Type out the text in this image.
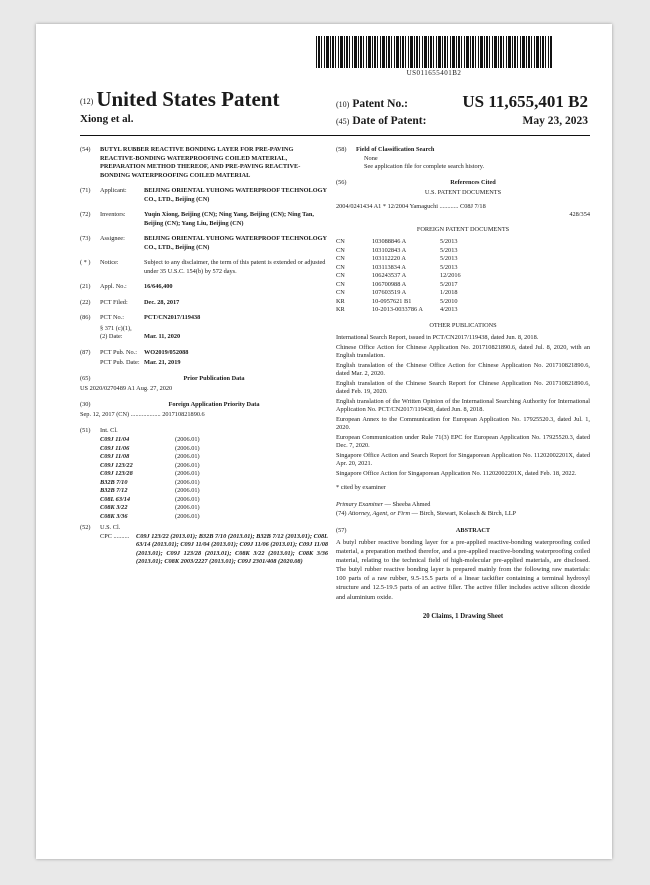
US011655401B2
(12) United States Patent
Xiong et al.
(10) Patent No.:	US 11,655,401 B2
(45) Date of Patent:	May 23, 2023
(54)	BUTYL RUBBER REACTIVE BONDING LAYER FOR PRE-PAVING REACTIVE-BONDING WATERPROOFING COILED MATERIAL, PREPARATION METHOD THEREOF, AND PRE-PAVING REACTIVE-BONDING WATERPROOFING COILED MATERIAL
(71)	Applicant:	BEIJING ORIENTAL YUHONG WATERPROOF TECHNOLOGY CO., LTD., Beijing (CN)
(72)	Inventors:	Yuqin Xiong, Beijing (CN); Ning Yang, Beijing (CN); Ning Tan, Beijing (CN); Yang Liu, Beijing (CN)
(73)	Assignee:	BEIJING ORIENTAL YUHONG WATERPROOF TECHNOLOGY CO., LTD., Beijing (CN)
( * )	Notice:	Subject to any disclaimer, the term of this patent is extended or adjusted under 35 U.S.C. 154(b) by 572 days.
(21)	Appl. No.:	16/646,400
(22)	PCT Filed:	Dec. 28, 2017
(86)	PCT No.:	PCT/CN2017/119438
§ 371 (c)(1),
(2) Date:	Mar. 11, 2020
(87)	PCT Pub. No.:	WO2019/052088
PCT Pub. Date: Mar. 21, 2019
(65)	Prior Publication Data
US 2020/0270489 A1 Aug. 27, 2020
(30)	Foreign Application Priority Data
Sep. 12, 2017 (CN) ................... 201710821890.6
(51)	Int. Cl.
C09J 11/04	(2006.01)
C09J 11/06	(2006.01)
C09J 11/08	(2006.01)
C09J 123/22	(2006.01)
C09J 123/28	(2006.01)
B32B 7/10	(2006.01)
B32B 7/12	(2006.01)
C08L 63/14	(2006.01)
C08K 3/22	(2006.01)
C08K 3/36	(2006.01)
(52)	U.S. Cl.
CPC ..........	C09J 123/22 (2013.01); B32B 7/10 (2013.01); B32B 7/12 (2013.01); C08L 63/14 (2013.01); C09J 11/04 (2013.01); C09J 11/06 (2013.01); C09J 11/08 (2013.01); C09J 123/28 (2013.01); C08K 3/22 (2013.01); C08K 3/36 (2013.01); C08K 2003/2227 (2013.01); C09J 2301/408 (2020.08)
(58)	Field of Classification Search
None
See application file for complete search history.
(56)	References Cited
U.S. PATENT DOCUMENTS
2004/0241434 A1 * 12/2004 Yamaguchi ............ C08J 7/18
428/354
FOREIGN PATENT DOCUMENTS
CN	103088846 A	5/2013
CN	103102843 A	5/2013
CN	103112220 A	5/2013
CN	103113834 A	5/2013
CN	106243537 A	12/2016
CN	106700988 A	5/2017
CN	107603519 A	1/2018
KR	10-0957621 B1	5/2010
KR	10-2013-0033786 A	4/2013
OTHER PUBLICATIONS

International Search Report, issued in PCT/CN2017/119438, dated Jun. 8, 2018.

Chinese Office Action for Chinese Application No. 201710821890.6, dated Jul. 8, 2020, with an English translation.

English translation of the Chinese Office Action for Chinese Application No. 201710821890.6, dated Mar. 2, 2020.

English translation of the Chinese Search Report for Chinese Application No. 201710821890.6, dated Feb. 19, 2020.

English translation of the Written Opinion of the International Searching Authority for International Application No. PCT/CN2017/119438, dated Jun. 8, 2018.

European Annex to the Communication for European Application No. 17925520.3, dated Jul. 1, 2020.

European Communication under Rule 71(3) EPC for European Application No. 17925520.3, dated Dec. 7, 2020.

Singapore Office Action and Search Report for Singaporean Application No. 11202002201X, dated Apr. 20, 2021.

Singapore Office Action for Singaporean Application No. 11202002201X, dated Feb. 18, 2022.

* cited by examiner
Primary Examiner — Sheeba Ahmed
(74) Attorney, Agent, or Firm — Birch, Stewart, Kolasch & Birch, LLP
(57)	ABSTRACT

A butyl rubber reactive bonding layer for a pre-applied reactive-bonding waterproofing coiled material, a preparation method therefor, and a pre-applied reactive-bonding waterproofing coiled material, relating to the technical field of high-molecular pre-applied materials, are disclosed. The butyl rubber reactive bonding layer is prepared mainly from the following raw materials: 100 parts of a raw rubber, 9.5-15.5 parts of a linear tackifier containing a terminal hydroxyl structure and 12.5-19.5 parts of an active filler. The active filler includes active silicon dioxide and aluminium oxide.

20 Claims, 1 Drawing Sheet
